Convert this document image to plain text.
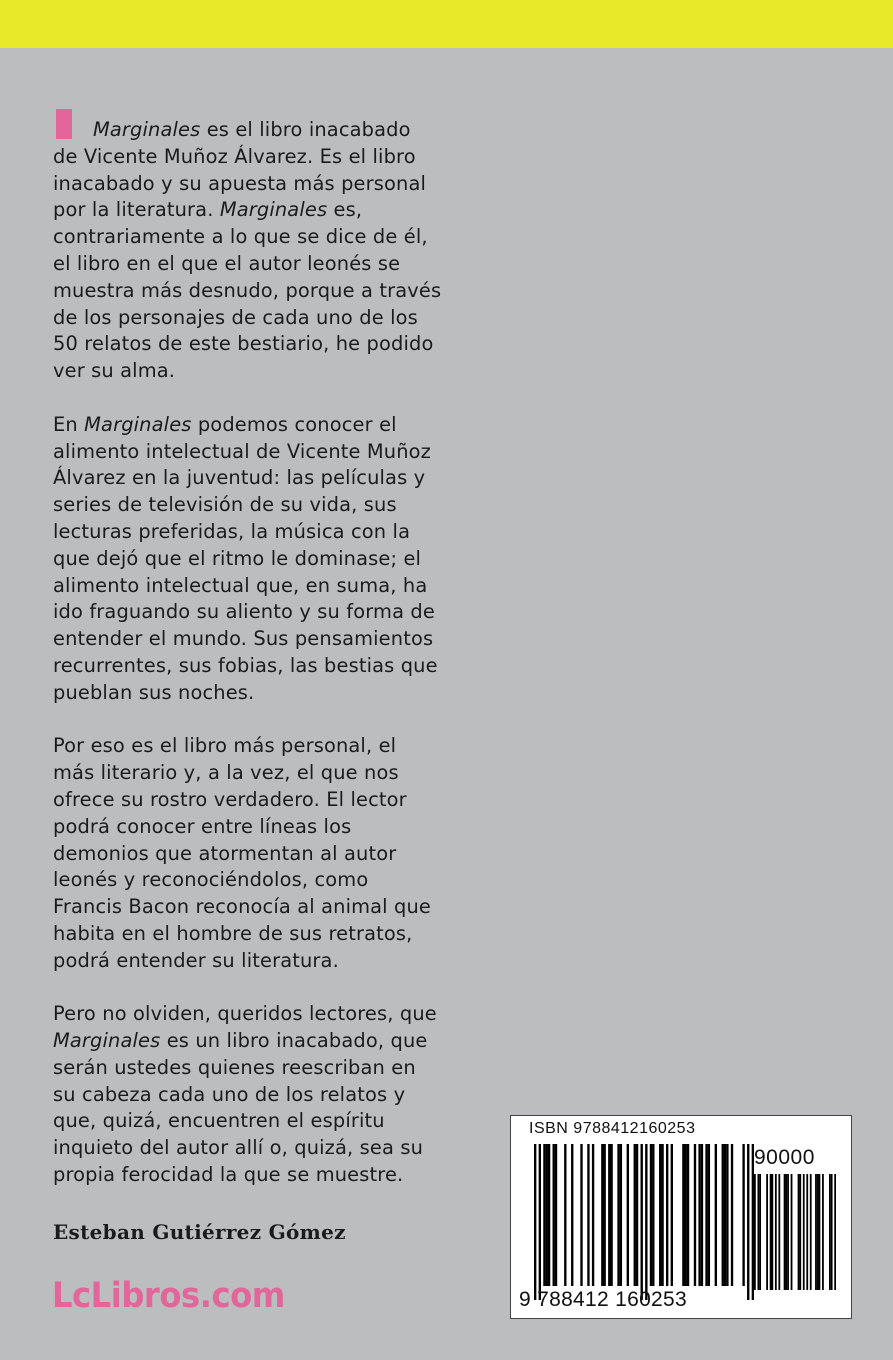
Marginales es el libro inacabado
de Vicente Muñoz Álvarez. Es el libro
inacabado y su apuesta más personal
por la literatura. Marginales es,
contrariamente a lo que se dice de él,
el libro en el que el autor leonés se
muestra más desnudo, porque a través
de los personajes de cada uno de los
50 relatos de este bestiario, he podido
ver su alma.
En Marginales podemos conocer el
alimento intelectual de Vicente Muñoz
Álvarez en la juventud: las películas y
series de televisión de su vida, sus
lecturas preferidas, la música con la
que dejó que el ritmo le dominase; el
alimento intelectual que, en suma, ha
ido fraguando su aliento y su forma de
entender el mundo. Sus pensamientos
recurrentes, sus fobias, las bestias que
pueblan sus noches.
Por eso es el libro más personal, el
más literario y, a la vez, el que nos
ofrece su rostro verdadero. El lector
podrá conocer entre líneas los
demonios que atormentan al autor
leonés y reconociéndolos, como
Francis Bacon reconocía al animal que
habita en el hombre de sus retratos,
podrá entender su literatura.
Pero no olviden, queridos lectores, que
Marginales es un libro inacabado, que
serán ustedes quienes reescriban en
su cabeza cada uno de los relatos y
que, quizá, encuentren el espíritu
inquieto del autor allí o, quizá, sea su
propia ferocidad la que se muestre.
Esteban Gutiérrez Gómez
LcLibros.com
ISBN 9788412160253
90000
9 788412 160253
